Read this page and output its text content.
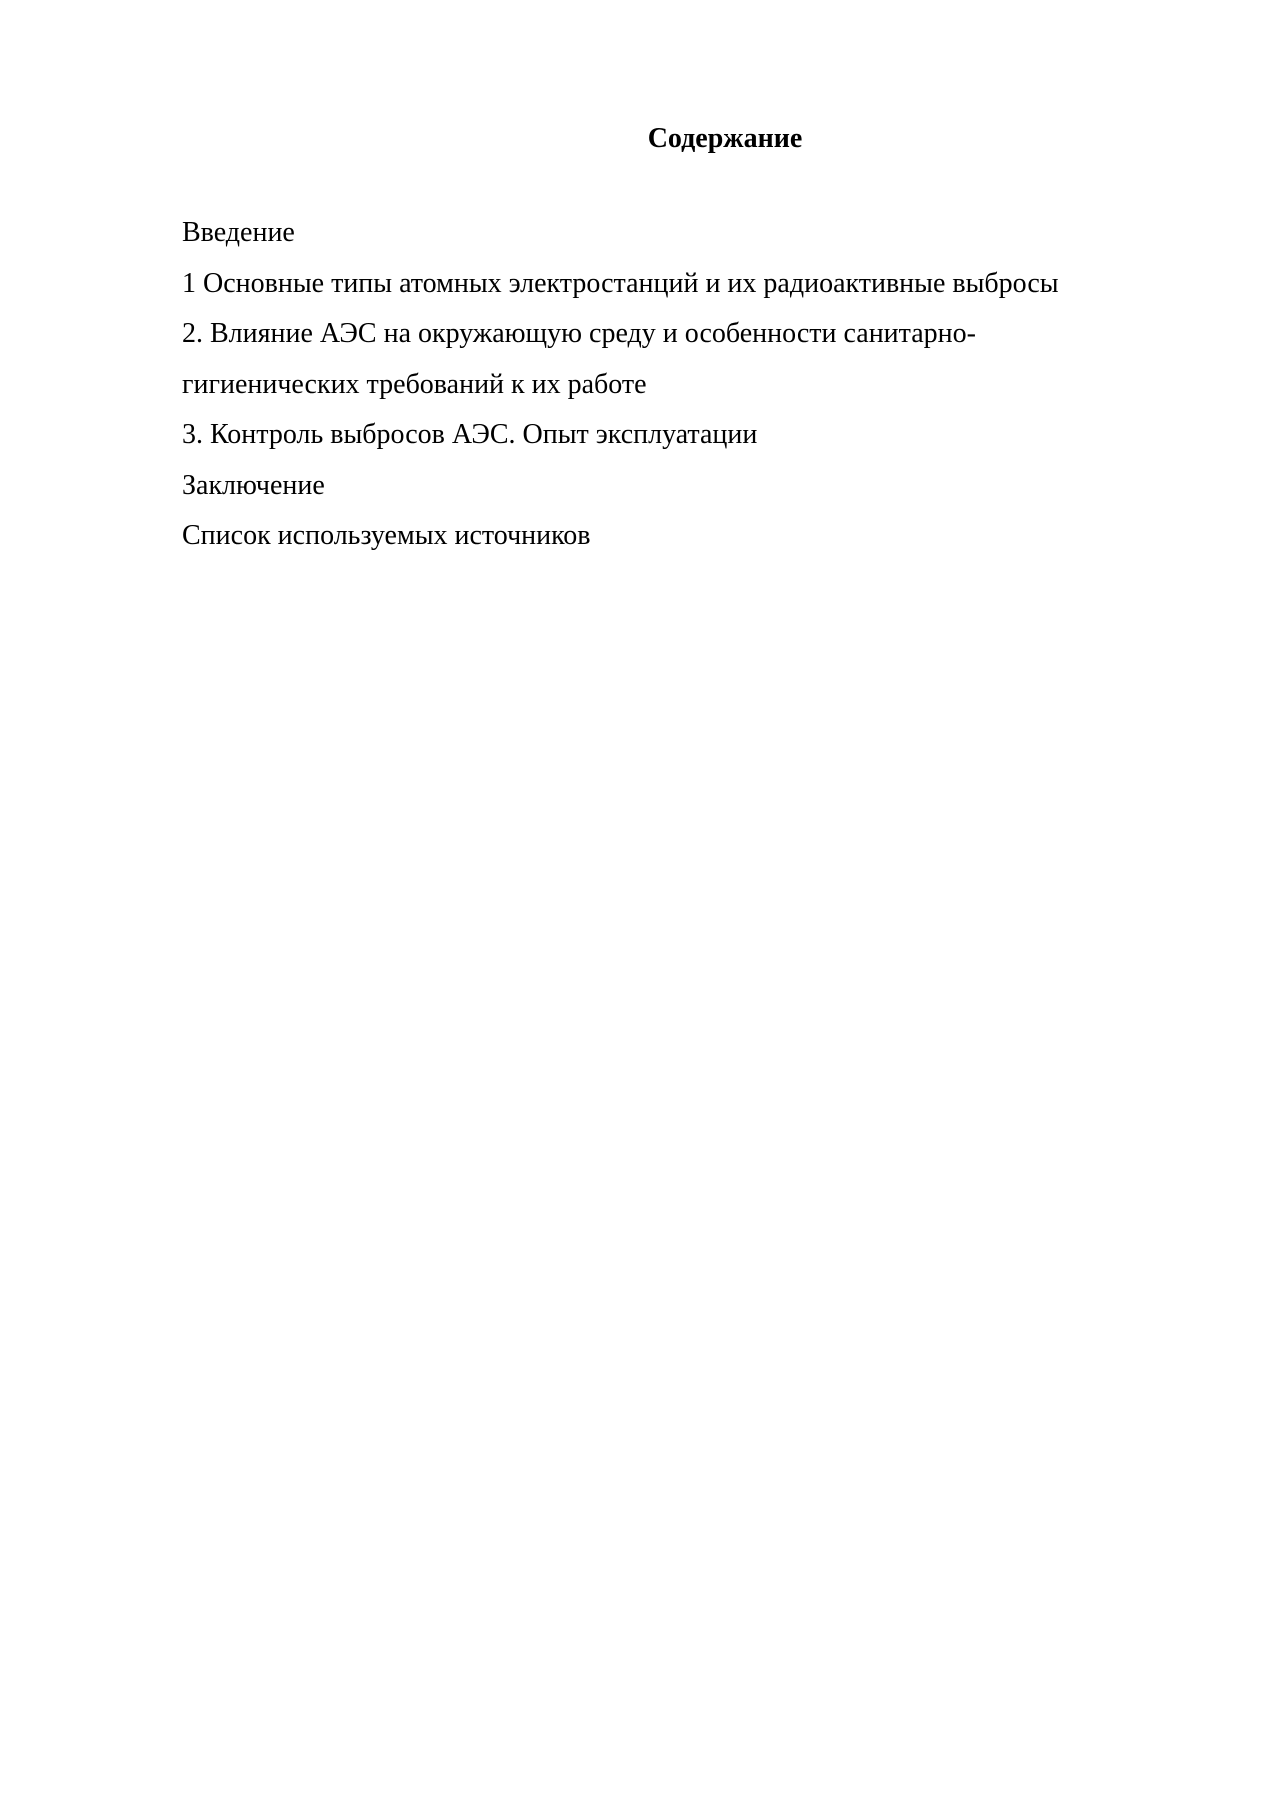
Содержание
Введение
1 Основные типы атомных электростанций и их радиоактивные выбросы
2. Влияние АЭС на окружающую среду и особенности санитарно-
гигиенических требований к их работе
3. Контроль выбросов АЭС. Опыт эксплуатации
Заключение
Список используемых источников
